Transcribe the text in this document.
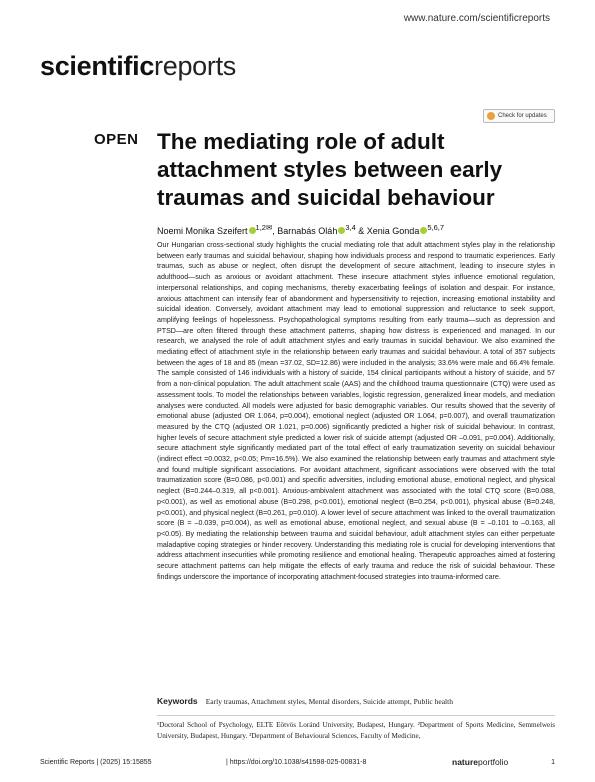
www.nature.com/scientificreports
scientificreports
Check for updates
OPEN The mediating role of adult attachment styles between early traumas and suicidal behaviour
Noemi Monika Szeifert $^{1,2✉}$, Barnabás Oláh $^{3,4}$ & Xenia Gonda $^{5,6,7}$
Our Hungarian cross-sectional study highlights the crucial mediating role that adult attachment styles play in the relationship between early traumas and suicidal behaviour, shaping how individuals process and respond to traumatic experiences. Early traumas, such as abuse or neglect, often disrupt the development of secure attachment, leading to insecure styles in adulthood—such as anxious or avoidant attachment. These insecure attachment styles influence emotional regulation, interpersonal relationships, and coping mechanisms, thereby exacerbating feelings of isolation and despair. For instance, anxious attachment can intensify fear of abandonment and hypersensitivity to rejection, increasing emotional instability and suicidal ideation. Conversely, avoidant attachment may lead to emotional suppression and reluctance to seek support, amplifying feelings of hopelessness. Psychopathological symptoms resulting from early trauma—such as depression and PTSD—are often filtered through these attachment patterns, shaping how distress is experienced and managed. In our research, we analysed the role of adult attachment styles and early traumas in suicidal behaviour. We also examined the mediating effect of attachment style in the relationship between early traumas and suicidal behaviour. A total of 357 subjects between the ages of 18 and 85 (mean =37.02, SD=12.86) were included in the analysis; 33.6% were male and 66.4% female. The sample consisted of 146 individuals with a history of suicide, 154 clinical participants without a history of suicide, and 57 from a non-clinical population. The adult attachment scale (AAS) and the childhood trauma questionnaire (CTQ) were used as assessment tools. To model the relationships between variables, logistic regression, generalized linear models, and mediation analyses were conducted. All models were adjusted for basic demographic variables. Our results showed that the severity of emotional abuse (adjusted OR 1.064, p=0.004), emotional neglect (adjusted OR 1.064, p=0.007), and overall traumatization measured by the CTQ (adjusted OR 1.021, p=0.006) significantly predicted a higher risk of suicidal behaviour. In contrast, higher levels of secure attachment style predicted a lower risk of suicide attempt (adjusted OR –0.091, p=0.004). Additionally, secure attachment style significantly mediated part of the total effect of early traumatization severity on suicidal behaviour (indirect effect =0.0032, p<0.05; Pm=16.5%). We also examined the relationship between early traumas and attachment style and found multiple significant associations. For avoidant attachment, significant associations were observed with the total traumatization score (B=0.086, p<0.001) and specific adversities, including emotional abuse, emotional neglect, and physical neglect (B=0.244–0.319, all p<0.001). Anxious-ambivalent attachment was associated with the total CTQ score (B=0.088, p<0.001), as well as emotional abuse (B=0.298, p<0.001), emotional neglect (B=0.254, p<0.001), physical abuse (B=0.248, p<0.001), and physical neglect (B=0.261, p=0.010). A lower level of secure attachment was linked to the overall traumatization score (B = –0.039, p=0.004), as well as emotional abuse, emotional neglect, and sexual abuse (B = –0.101 to –0.163, all p<0.05). By mediating the relationship between trauma and suicidal behaviour, adult attachment styles can either perpetuate maladaptive coping strategies or hinder recovery. Understanding this mediating role is crucial for developing interventions that address attachment insecurities while promoting resilience and emotional healing. Therapeutic approaches aimed at fostering secure attachment patterns can help mitigate the effects of early trauma and reduce the risk of suicidal behaviour. These findings underscore the importance of incorporating attachment-focused strategies into trauma-informed care.
Keywords Early traumas, Attachment styles, Mental disorders, Suicide attempt, Public health
¹Doctoral School of Psychology, ELTE Eötvös Loránd University, Budapest, Hungary. ²Department of Sports Medicine, Semmelweis University, Budapest, Hungary. ³Department of Behavioural Sciences, Faculty of Medicine,
Scientific Reports | (2025) 15:15855	| https://doi.org/10.1038/s41598-025-00831-8	natureportfolio	1
